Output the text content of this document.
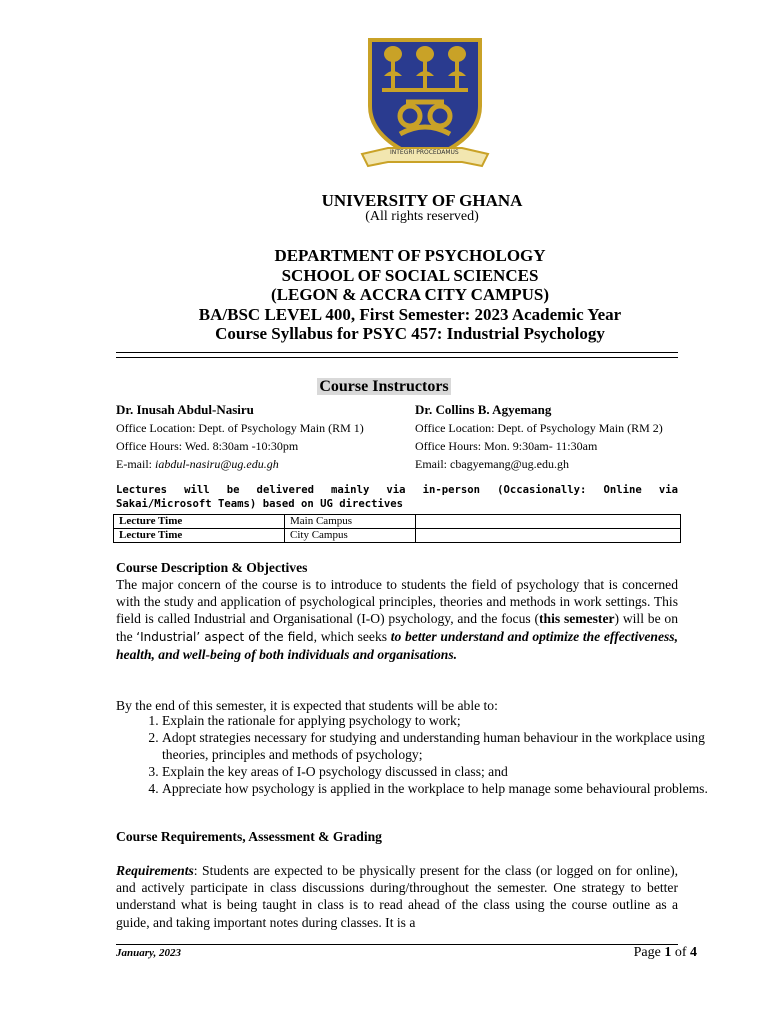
INTEGRI PROCEDAMUS
UNIVERSITY OF GHANA
(All rights reserved)
DEPARTMENT OF PSYCHOLOGY
SCHOOL OF SOCIAL SCIENCES
(LEGON & ACCRA CITY CAMPUS)
BA/BSC LEVEL 400, First Semester: 2023 Academic Year
Course Syllabus for PSYC 457: Industrial Psychology
Course Instructors
Dr. Inusah Abdul-Nasiru
Office Location: Dept. of Psychology Main (RM 1)
Office Hours: Wed. 8:30am -10:30pm
E-mail: iabdul-nasiru@ug.edu.gh
Dr. Collins B. Agyemang
Office Location: Dept. of Psychology Main (RM 2)
Office Hours: Mon. 9:30am- 11:30am
Email: cbagyemang@ug.edu.gh
Lectures will be delivered mainly via in-person (Occasionally: Online via
Sakai/Microsoft Teams) based on UG directives
Lecture Time	Main Campus	
Lecture Time	City Campus	
Course Description & Objectives
The major concern of the course is to introduce to students the field of psychology that is concerned with the study and application of psychological principles, theories and methods in work settings. This field is called Industrial and Organisational (I-O) psychology, and the focus (this semester) will be on the ‘Industrial’ aspect of the field, which seeks to better understand and optimize the effectiveness, health, and well-being of both individuals and organisations.
By the end of this semester, it is expected that students will be able to:
1. Explain the rationale for applying psychology to work;
2. Adopt strategies necessary for studying and understanding human behaviour in the workplace using theories, principles and methods of psychology;
3. Explain the key areas of I-O psychology discussed in class; and
4. Appreciate how psychology is applied in the workplace to help manage some behavioural problems.
Course Requirements, Assessment & Grading
Requirements: Students are expected to be physically present for the class (or logged on for online), and actively participate in class discussions during/throughout the semester. One strategy to better understand what is being taught in class is to read ahead of the class using the course outline as a guide, and taking important notes during classes. It is a
January, 2023	Page 1 of 4
